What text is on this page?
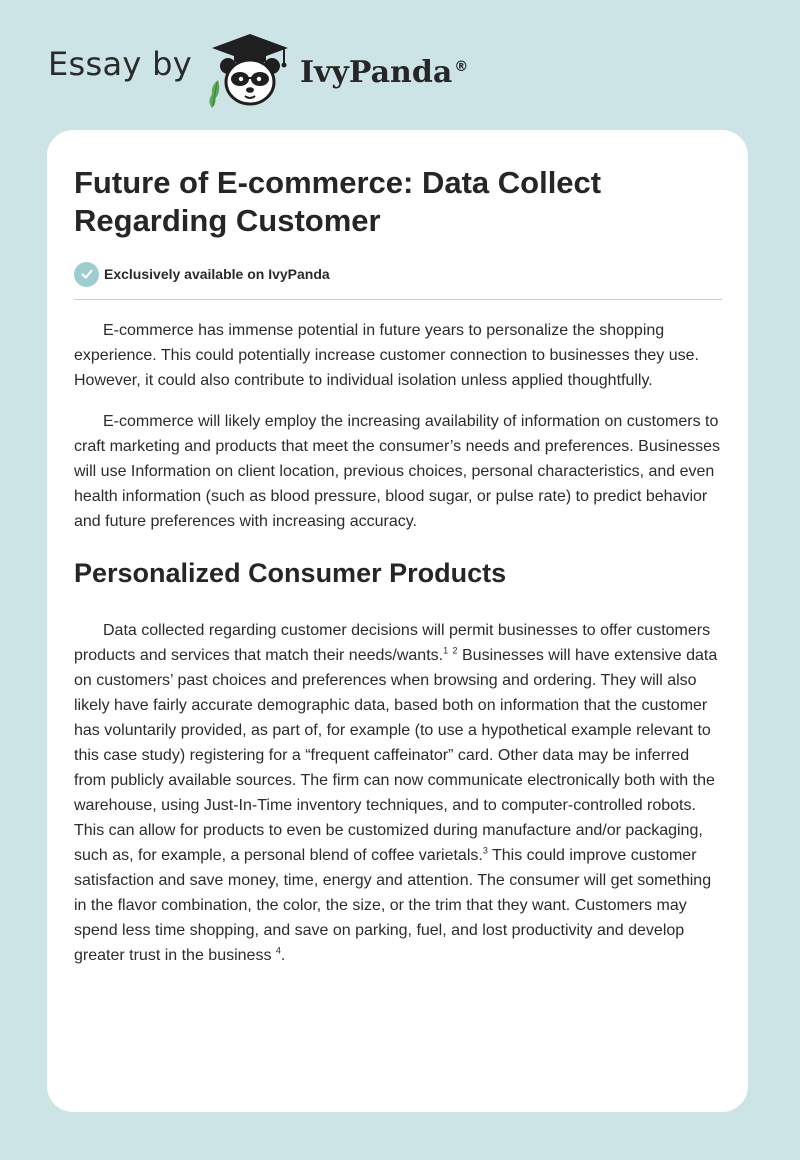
Essay by	IvyPanda ®
Future of E-commerce: Data Collect Regarding Customer
Exclusively available on IvyPanda

E-commerce has immense potential in future years to personalize the shopping experience. This could potentially increase customer connection to businesses they use. However, it could also contribute to individual isolation unless applied thoughtfully.

E-commerce will likely employ the increasing availability of information on customers to craft marketing and products that meet the consumer’s needs and preferences. Businesses will use Information on client location, previous choices, personal characteristics, and even health information (such as blood pressure, blood sugar, or pulse rate) to predict behavior and future preferences with increasing accuracy.

Personalized Consumer Products

Data collected regarding customer decisions will permit businesses to offer customers products and services that match their needs/wants.$^1$ $^2$ Businesses will have extensive data on customers’ past choices and preferences when browsing and ordering. They will also likely have fairly accurate demographic data, based both on information that the customer has voluntarily provided, as part of, for example (to use a hypothetical example relevant to this case study) registering for a “frequent caffeinator” card. Other data may be inferred from publicly available sources. The firm can now communicate electronically both with the warehouse, using Just-In-Time inventory techniques, and to computer-controlled robots. This can allow for products to even be customized during manufacture and/or packaging, such as, for example, a personal blend of coffee varietals.$^3$ This could improve customer satisfaction and save money, time, energy and attention. The consumer will get something in the flavor combination, the color, the size, or the trim that they want. Customers may spend less time shopping, and save on parking, fuel, and lost productivity and develop greater trust in the business $^4$.
